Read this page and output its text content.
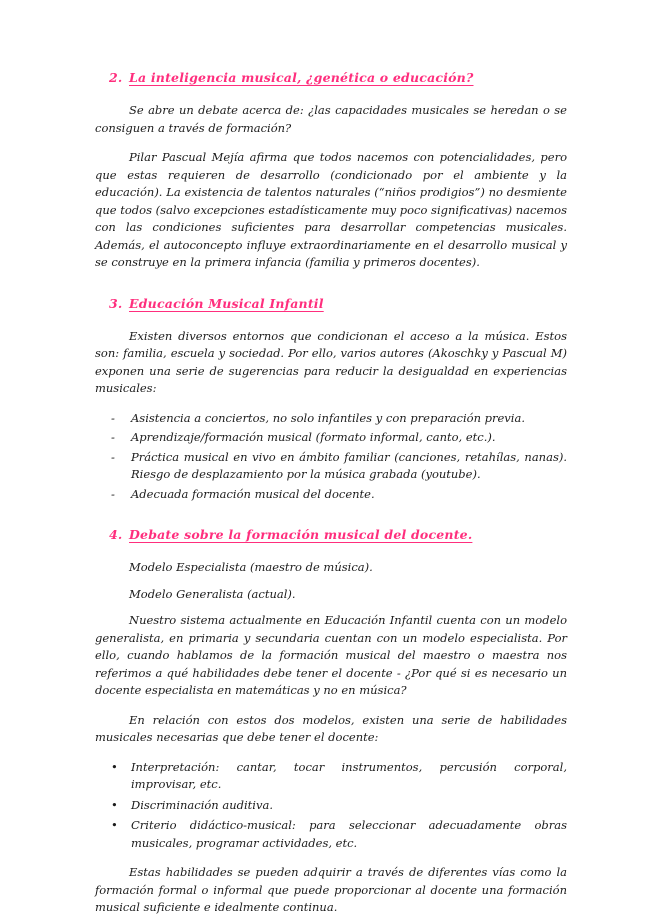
2. La inteligencia musical, ¿genética o educación?

Se abre un debate acerca de: ¿las capacidades musicales se heredan o se consiguen a través de formación?

Pilar Pascual Mejía afirma que todos nacemos con potencialidades, pero que estas requieren de desarrollo (condicionado por el ambiente y la educación). La existencia de talentos naturales (“niños prodigios”) no desmiente que todos (salvo excepciones estadísticamente muy poco significativas) nacemos con las condiciones suficientes para desarrollar competencias musicales. Además, el autoconcepto influye extraordinariamente en el desarrollo musical y se construye en la primera infancia (familia y primeros docentes).

3. Educación Musical Infantil

Existen diversos entornos que condicionan el acceso a la música. Estos son: familia, escuela y sociedad. Por ello, varios autores (Akoschky y Pascual M) exponen una serie de sugerencias para reducir la desigualdad en experiencias musicales:

-	Asistencia a conciertos, no solo infantiles y con preparación previa.
-	Aprendizaje/formación musical (formato informal, canto, etc.).
-	Práctica musical en vivo en ámbito familiar (canciones, retahílas, nanas). Riesgo de desplazamiento por la música grabada (youtube).
-	Adecuada formación musical del docente.
4. Debate sobre la formación musical del docente.

Modelo Especialista (maestro de música).

Modelo Generalista (actual).

Nuestro sistema actualmente en Educación Infantil cuenta con un modelo generalista, en primaria y secundaria cuentan con un modelo especialista. Por ello, cuando hablamos de la formación musical del maestro o maestra nos referimos a qué habilidades debe tener el docente - ¿Por qué si es necesario un docente especialista en matemáticas y no en música?

En relación con estos dos modelos, existen una serie de habilidades musicales necesarias que debe tener el docente:

•	Interpretación: cantar, tocar instrumentos, percusión corporal, improvisar, etc.
•	Discriminación auditiva.
•	Criterio didáctico-musical: para seleccionar adecuadamente obras musicales, programar actividades, etc.

Estas habilidades se pueden adquirir a través de diferentes vías como la formación formal o informal que puede proporcionar al docente una formación musical suficiente e idealmente continua.
